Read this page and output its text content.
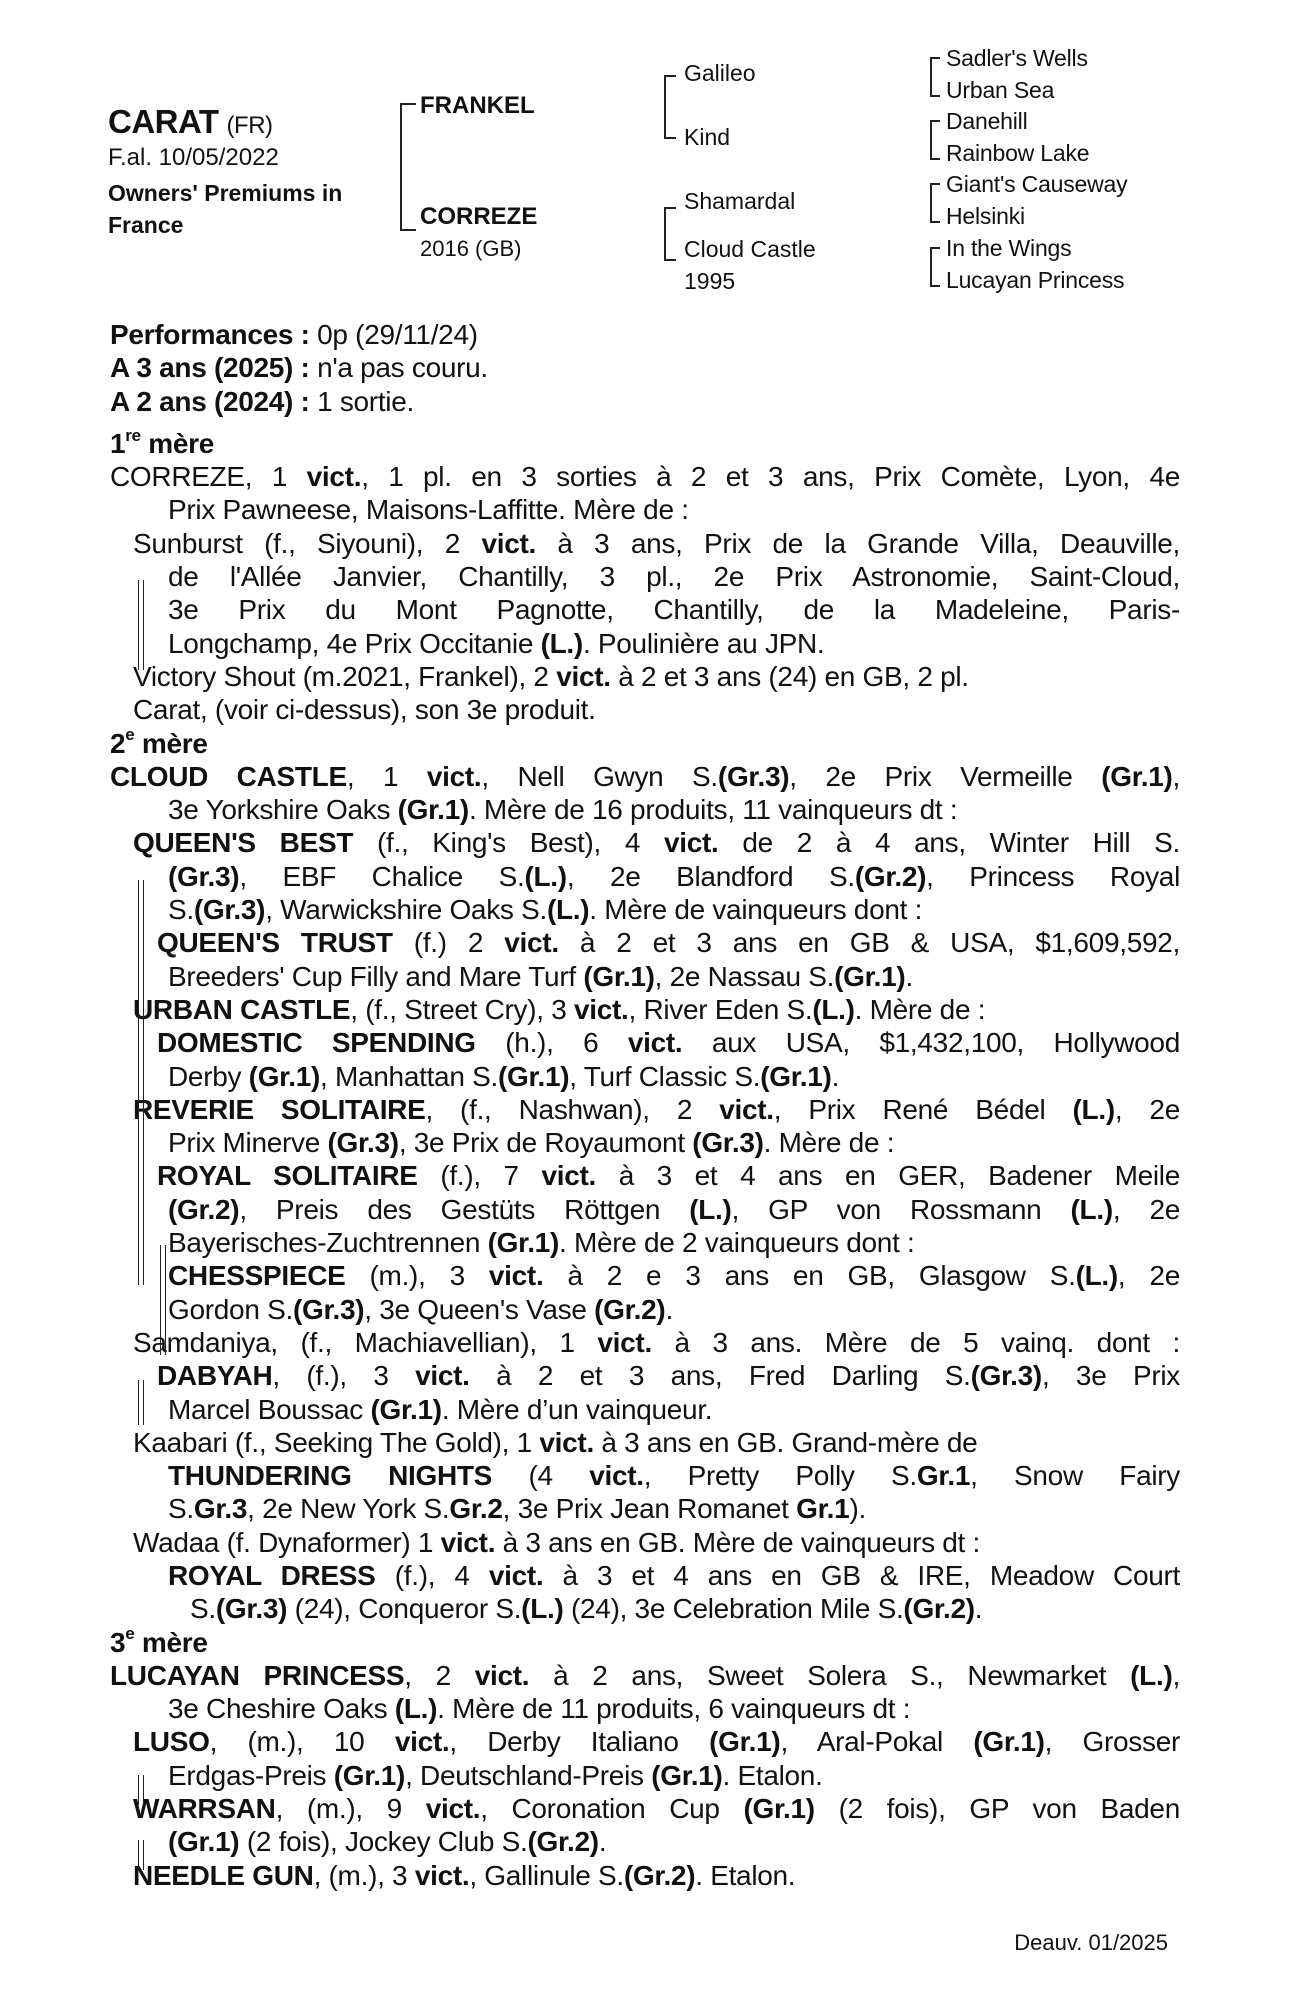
CARAT (FR)
F.al. 10/05/2022
Owners' Premiums in France
FRANKEL
CORREZE
2016 (GB)
Galileo
Kind
Shamardal
Cloud Castle
1995
Sadler's Wells
Urban Sea
Danehill
Rainbow Lake
Giant's Causeway
Helsinki
In the Wings
Lucayan Princess
Performances : 0p (29/11/24)
A 3 ans (2025) : n'a pas couru.
A 2 ans (2024) : 1 sortie.
1re mère
CORREZE, 1 vict., 1 pl. en 3 sorties à 2 et 3 ans, Prix Comète, Lyon, 4e
Prix Pawneese, Maisons-Laffitte. Mère de :
Sunburst (f., Siyouni), 2 vict. à 3 ans, Prix de la Grande Villa, Deauville,
de l'Allée Janvier, Chantilly, 3 pl., 2e Prix Astronomie, Saint-Cloud,
3e Prix du Mont Pagnotte, Chantilly, de la Madeleine, Paris-
Longchamp, 4e Prix Occitanie (L.). Poulinière au JPN.
Victory Shout (m.2021, Frankel), 2 vict. à 2 et 3 ans (24) en GB, 2 pl.
Carat, (voir ci-dessus), son 3e produit.
2e mère
CLOUD CASTLE, 1 vict., Nell Gwyn S.(Gr.3), 2e Prix Vermeille (Gr.1),
3e Yorkshire Oaks (Gr.1). Mère de 16 produits, 11 vainqueurs dt :
QUEEN'S BEST (f., King's Best), 4 vict. de 2 à 4 ans, Winter Hill S.
(Gr.3), EBF Chalice S.(L.), 2e Blandford S.(Gr.2), Princess Royal
S.(Gr.3), Warwickshire Oaks S.(L.). Mère de vainqueurs dont :
QUEEN'S TRUST (f.) 2 vict. à 2 et 3 ans en GB & USA, $1,609,592,
Breeders' Cup Filly and Mare Turf (Gr.1), 2e Nassau S.(Gr.1).
URBAN CASTLE, (f., Street Cry), 3 vict., River Eden S.(L.). Mère de :
DOMESTIC SPENDING (h.), 6 vict. aux USA, $1,432,100, Hollywood
Derby (Gr.1), Manhattan S.(Gr.1), Turf Classic S.(Gr.1).
REVERIE SOLITAIRE, (f., Nashwan), 2 vict., Prix René Bédel (L.), 2e
Prix Minerve (Gr.3), 3e Prix de Royaumont (Gr.3). Mère de :
ROYAL SOLITAIRE (f.), 7 vict. à 3 et 4 ans en GER, Badener Meile
(Gr.2), Preis des Gestüts Röttgen (L.), GP von Rossmann (L.), 2e
Bayerisches-Zuchtrennen (Gr.1). Mère de 2 vainqueurs dont :
CHESSPIECE (m.), 3 vict. à 2 e 3 ans en GB, Glasgow S.(L.), 2e
Gordon S.(Gr.3), 3e Queen's Vase (Gr.2).
Samdaniya, (f., Machiavellian), 1 vict. à 3 ans. Mère de 5 vainq. dont :
DABYAH, (f.), 3 vict. à 2 et 3 ans, Fred Darling S.(Gr.3), 3e Prix
Marcel Boussac (Gr.1). Mère d’un vainqueur.
Kaabari (f., Seeking The Gold), 1 vict. à 3 ans en GB. Grand-mère de
THUNDERING NIGHTS (4 vict., Pretty Polly S.Gr.1, Snow Fairy
S.Gr.3, 2e New York S.Gr.2, 3e Prix Jean Romanet Gr.1).
Wadaa (f. Dynaformer) 1 vict. à 3 ans en GB. Mère de vainqueurs dt :
ROYAL DRESS (f.), 4 vict. à 3 et 4 ans en GB & IRE, Meadow Court
S.(Gr.3) (24), Conqueror S.(L.) (24), 3e Celebration Mile S.(Gr.2).
3e mère
LUCAYAN PRINCESS, 2 vict. à 2 ans, Sweet Solera S., Newmarket (L.),
3e Cheshire Oaks (L.). Mère de 11 produits, 6 vainqueurs dt :
LUSO, (m.), 10 vict., Derby Italiano (Gr.1), Aral-Pokal (Gr.1), Grosser
Erdgas-Preis (Gr.1), Deutschland-Preis (Gr.1). Etalon.
WARRSAN, (m.), 9 vict., Coronation Cup (Gr.1) (2 fois), GP von Baden
(Gr.1) (2 fois), Jockey Club S.(Gr.2).
NEEDLE GUN, (m.), 3 vict., Gallinule S.(Gr.2). Etalon.
Deauv. 01/2025
